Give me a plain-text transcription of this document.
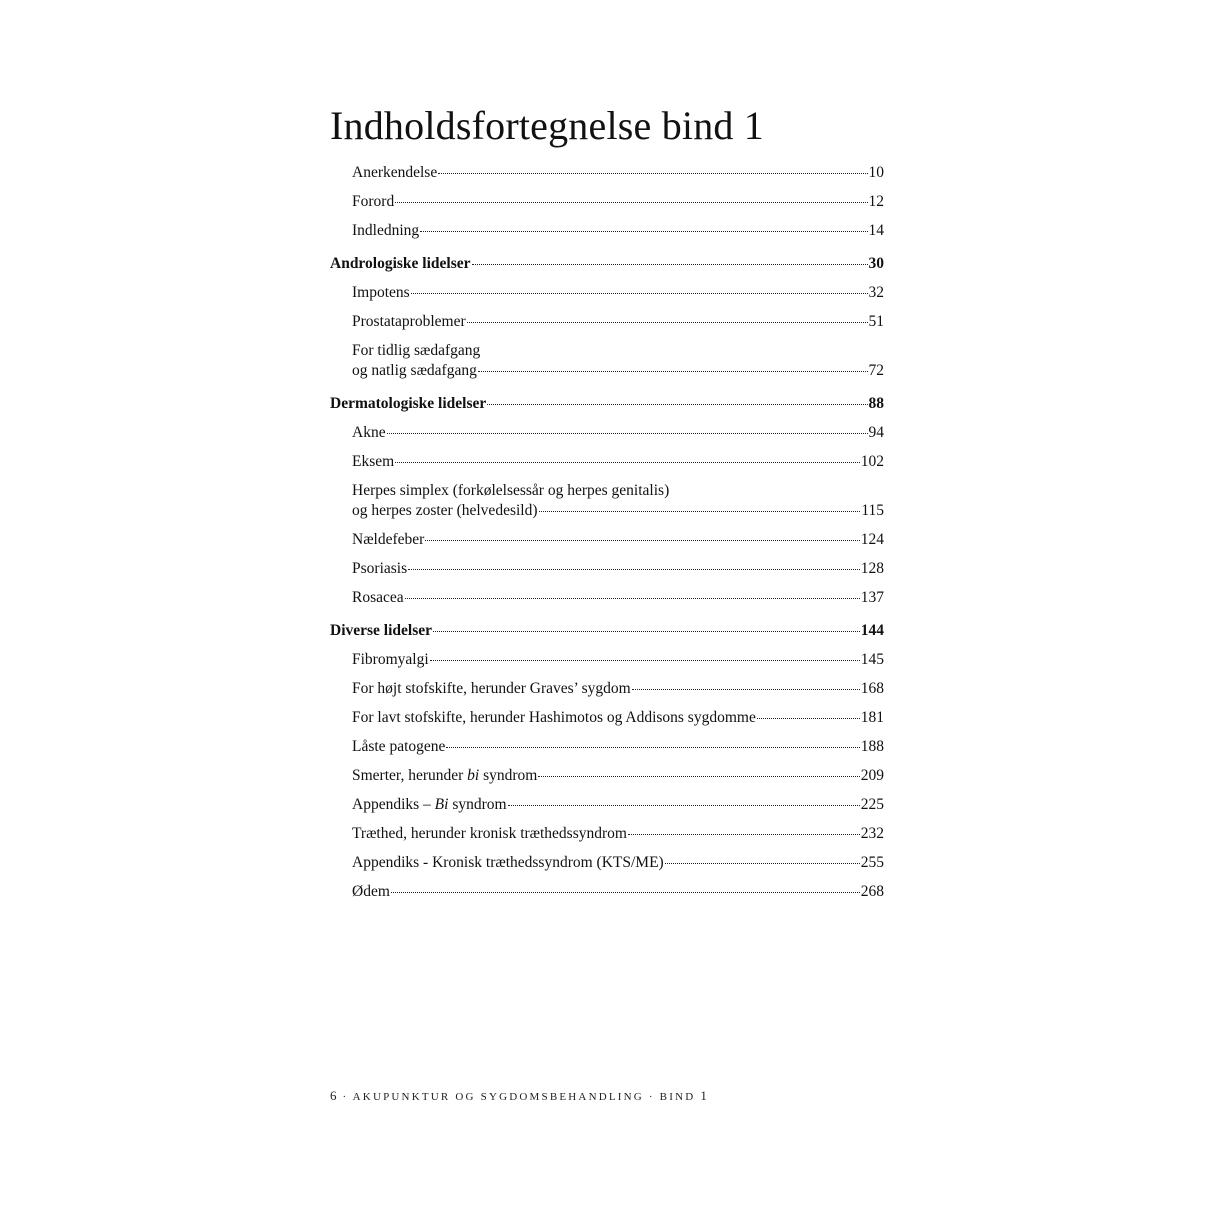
Indholdsfortegnelse bind 1
Anerkendelse	10
Forord	12
Indledning	14
Andrologiske lidelser	30
Impotens	32
Prostataproblemer	51
For tidlig sædafgang
og natlig sædafgang	72
Dermatologiske lidelser	88
Akne	94
Eksem	102
Herpes simplex (forkølelsessår og herpes genitalis)
og herpes zoster (helvedesild)	115
Nældefeber	124
Psoriasis	128
Rosacea	137
Diverse lidelser	144
Fibromyalgi	145
For højt stofskifte, herunder Graves’ sygdom	168
For lavt stofskifte, herunder Hashimotos og Addisons sygdomme	181
Låste patogene	188
Smerter, herunder bi syndrom	209
Appendiks – Bi syndrom	225
Træthed, herunder kronisk træthedssyndrom	232
Appendiks - Kronisk træthedssyndrom (KTS/ME)	255
Ødem	268
6 · AKUPUNKTUR OG SYGDOMSBEHANDLING · BIND 1
